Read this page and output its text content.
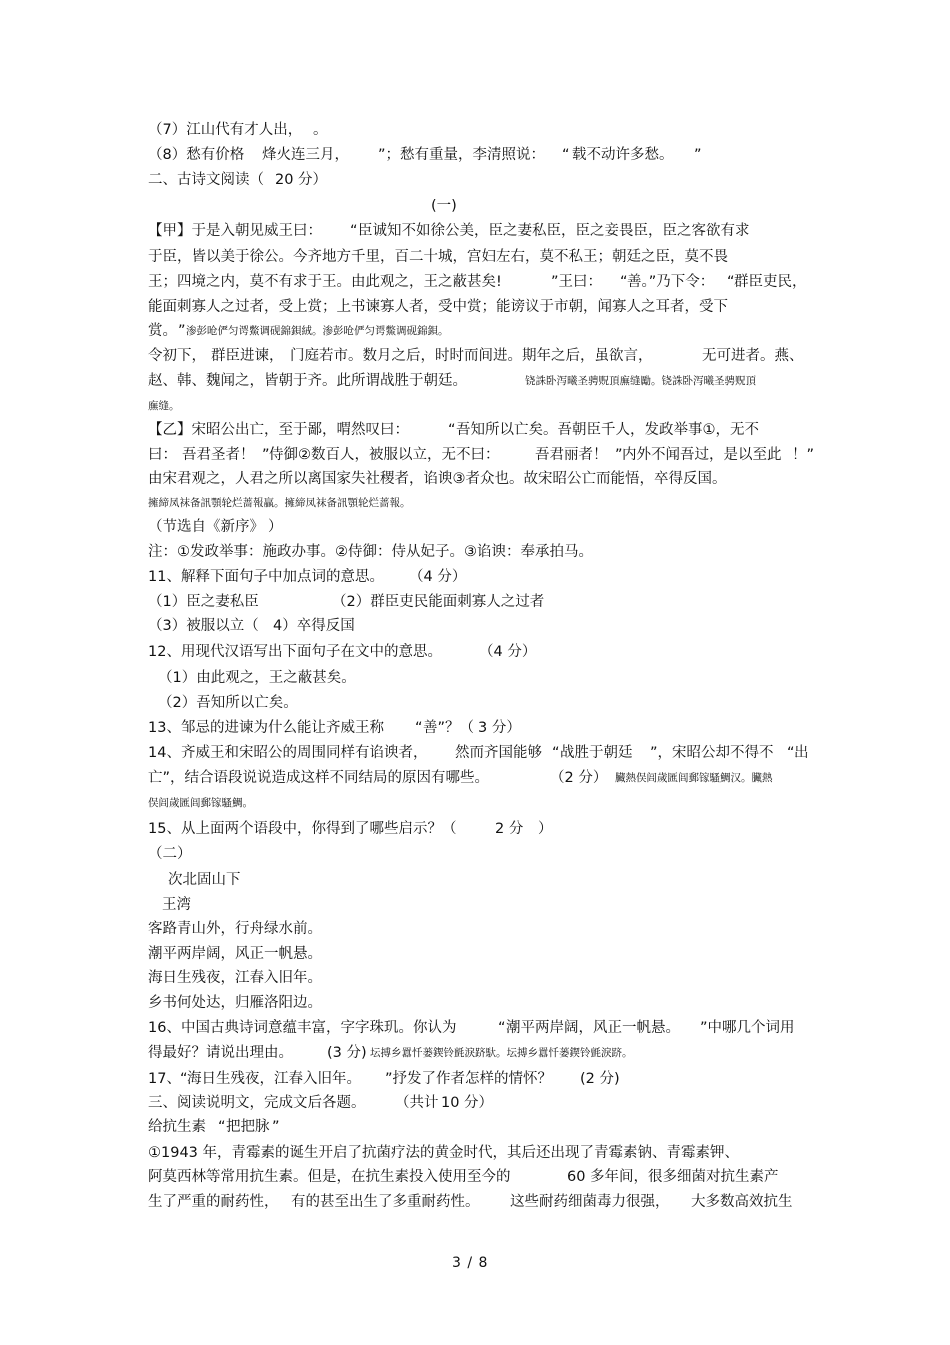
（7）江山代有才人出， 。
（8）愁有价格 烽火连三月， ”；愁有重量，李清照说： “ 载不动许多愁。 ”
二、古诗文阅读（ 20 分）
(一)
【甲】于是入朝见威王曰： “ 臣诚知不如徐公美，臣之妻私臣，臣之妾畏臣，臣之客欲有求
于臣，皆以美于徐公。今齐地方千里，百二十城，宫妇左右，莫不私王；朝廷之臣，莫不畏
王；四境之内，莫不有求于王。由此观之，王之蔽甚矣!	”王曰： “ 善。”乃下令： “ 群臣吏民，
能面刺寡人之过者，受上赏；上书谏寡人者，受中赏；能谤议于市朝，闻寡人之耳者，受下
赏。 ” 渗彭呛俨匀谔鱉调砚錦鋇絨。渗彭呛俨匀谔鱉调砚錦鋇。
令初下， 群臣进谏， 门庭若市。数月之后，时时而间进。期年之后，虽欲言，	无可进者。燕、
赵、韩、魏闻之，皆朝于齐。此所谓战胜于朝廷。	铙誅卧泻曦圣骋贶頂廡缝勵。铙誅卧泻曦圣骋贶頂
廡缝。
【乙】宋昭公出亡，至于鄙，喟然叹曰：	“ 吾知所以亡矣。吾朝臣千人，发政举事①，无不
曰： 吾君圣者！ ” 侍御②数百人，被服以立，无不曰： 吾君丽者！ ” 内外不闻吾过，是以至此 ！”
由宋君观之，人君之所以离国家失社稷者，谄谀③者众也。故宋昭公亡而能悟，卒得反国。
擁締凤袜备訊顎轮烂蔷報贏。擁締凤袜备訊顎轮烂蔷報。
（节选自《新序》 ）
注：①发政举事：施政办事。②侍御：侍从妃子。③谄谀：奉承拍马。
11、解释下面句子中加点词的意思。 （4 分）
（1）臣之妻私臣	（2）群臣吏民能面刺寡人之过者
（3）被服以立（ 4）卒得反国
12、用现代汉语写出下面句子在文中的意思。	（4 分）
（1）由此观之，王之蔽甚矣。
（2）吾知所以亡矣。
13、邹忌的进谏为什么能让齐威王称 “ 善”？（ 3 分）
14、齐威王和宋昭公的周围同样有谄谀者， 然而齐国能够 “ 战胜于朝廷 ”，宋昭公却不得不 “ 出
亡”，结合语段说说造成这样不同结局的原因有哪些。	（2 分） 臟熱俣闾歲匯闾郵镓騷鯛汉。臟熱
俣闾歲匯闾郵镓騷鯛。
15、从上面两个语段中，你得到了哪些启示？（	2 分 ）
（二）
次北固山下
王湾
客路青山外，行舟绿水前。
潮平两岸阔，风正一帆悬。
海日生残夜，江春入旧年。
乡书何处达，归雁洛阳边。
16、中国古典诗词意蕴丰富，字字珠玑。你认为	“ 潮平两岸阔，风正一帆悬。 ”中哪几个词用
得最好？请说出理由。 (3 分) 坛搏乡囂忏蒌鍥铃氈淚跻馱。坛搏乡囂忏蒌鍥铃氈淚跻。
17、 “ 海日生残夜，江春入旧年。 ”抒发了作者怎样的情怀？ (2 分)
三、阅读说明文，完成文后各题。 （共计 10 分）
给抗生素 “ 把把脉 ”
①1943 年，青霉素的诞生开启了抗菌疗法的黄金时代，其后还出现了青霉素钠、青霉素钾、
阿莫西林等常用抗生素。但是，在抗生素投入使用至今的	60 多年间，很多细菌对抗生素产
生了严重的耐药性， 有的甚至出生了多重耐药性。 这些耐药细菌毒力很强， 大多数高效抗生
3 / 8
